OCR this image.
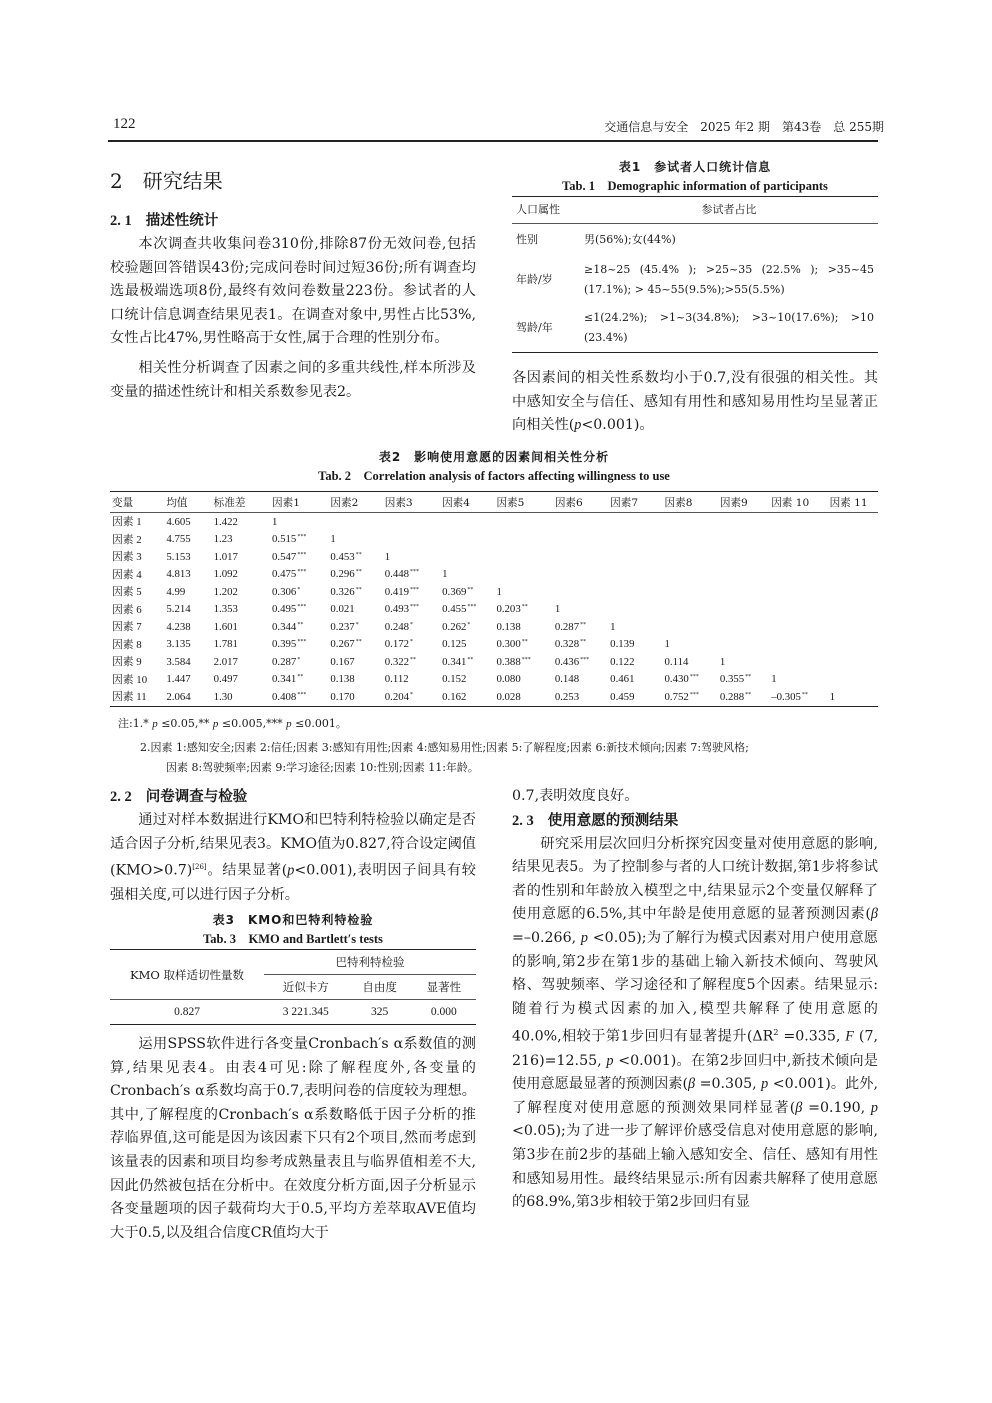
122	交通信息与安全　2025 年2 期　第43卷　总 255期

2 研究结果

2. 1 描述性统计

本次调查共收集问卷310份,排除87份无效问卷,包括校验题回答错误43份;完成问卷时间过短36份;所有调查均选最极端选项8份,最终有效问卷数量223份。参试者的人口统计信息调查结果见表1。在调查对象中,男性占比53%,女性占比47%,男性略高于女性,属于合理的性别分布。

相关性分析调查了因素之间的多重共线性,样本所涉及变量的描述性统计和相关系数参见表2。

表1　参试者人口统计信息
Tab. 1　Demographic information of participants
人口属性	参试者占比
性别	男(56%);女(44%)
年龄/岁	≥18~25 (45.4% ); >25~35 (22.5% ); >35~45 (17.1%); > 45~55(9.5%);>55(5.5%)
驾龄/年	≤1(24.2%); >1~3(34.8%); >3~10(17.6%); >10 (23.4%)

各因素间的相关性系数均小于0.7,没有很强的相关性。其中感知安全与信任、感知有用性和感知易用性均呈显著正向相关性(p<0.001)。

表2　影响使用意愿的因素间相关性分析
Tab. 2　Correlation analysis of factors affecting willingness to use
变量	均值	标准差	因素1	因素2	因素3	因素4	因素5	因素6	因素7	因素8	因素9	因素 10	因素 11
因素 1	4.605	1.422	1										
因素 2	4.755	1.23	0.515***	1									
因素 3	5.153	1.017	0.547***	0.453**	1								
因素 4	4.813	1.092	0.475***	0.296**	0.448***	1							
因素 5	4.99	1.202	0.306*	0.326**	0.419***	0.369**	1						
因素 6	5.214	1.353	0.495***	0.021	0.493***	0.455***	0.203**	1					
因素 7	4.238	1.601	0.344**	0.237*	0.248*	0.262*	0.138	0.287**	1				
因素 8	3.135	1.781	0.395***	0.267**	0.172*	0.125	0.300**	0.328**	0.139	1			
因素 9	3.584	2.017	0.287*	0.167	0.322**	0.341**	0.388***	0.436***	0.122	0.114	1		
因素 10	1.447	0.497	0.341**	0.138	0.112	0.152	0.080	0.148	0.461	0.430***	0.355**	1	
因素 11	2.064	1.30	0.408***	0.170	0.204*	0.162	0.028	0.253	0.459	0.752***	0.288**	–0.305**	1

注:1.* p ≤0.05,** p ≤0.005,*** p ≤0.001。

2.因素 1:感知安全;因素 2:信任;因素 3:感知有用性;因素 4:感知易用性;因素 5:了解程度;因素 6:新技术倾向;因素 7:驾驶风格;

因素 8:驾驶频率;因素 9:学习途径;因素 10:性别;因素 11:年龄。

2. 2 问卷调查与检验

通过对样本数据进行KMO和巴特利特检验以确定是否适合因子分析,结果见表3。KMO值为0.827,符合设定阈值(KMO>0.7)[26]。结果显著(p<0.001),表明因子间具有较强相关度,可以进行因子分析。

表3　KMO和巴特利特检验
Tab. 3　KMO and Bartlett′s tests
KMO 取样适切性量数	巴特利特检验		
	近似卡方	自由度	显著性
0.827	3 221.345	325	0.000

运用SPSS软件进行各变量Cronbach′s α系数值的测算,结果见表4。由表4可见:除了解程度外,各变量的Cronbach′s α系数均高于0.7,表明问卷的信度较为理想。其中,了解程度的Cronbach′s α系数略低于因子分析的推荐临界值,这可能是因为该因素下只有2个项目,然而考虑到该量表的因素和项目均参考成熟量表且与临界值相差不大,因此仍然被包括在分析中。在效度分析方面,因子分析显示各变量题项的因子载荷均大于0.5,平均方差萃取AVE值均大于0.5,以及组合信度CR值均大于

0.7,表明效度良好。

2. 3 使用意愿的预测结果

研究采用层次回归分析探究因变量对使用意愿的影响,结果见表5。为了控制参与者的人口统计数据,第1步将参试者的性别和年龄放入模型之中,结果显示2个变量仅解释了使用意愿的6.5%,其中年龄是使用意愿的显著预测因素(β =–0.266, p <0.05);为了解行为模式因素对用户使用意愿的影响,第2步在第1步的基础上输入新技术倾向、驾驶风格、驾驶频率、学习途径和了解程度5个因素。结果显示:随着行为模式因素的加入,模型共解释了使用意愿的40.0%,相较于第1步回归有显著提升($\Delta R^2 =0.335$, F (7, 216)=12.55, p <0.001)。在第2步回归中,新技术倾向是使用意愿最显著的预测因素(β =0.305, p <0.001)。此外,了解程度对使用意愿的预测效果同样显著(β =0.190, p <0.05);为了进一步了解评价感受信息对使用意愿的影响,第3步在前2步的基础上输入感知安全、信任、感知有用性和感知易用性。最终结果显示:所有因素共解释了使用意愿的68.9%,第3步相较于第2步回归有显
